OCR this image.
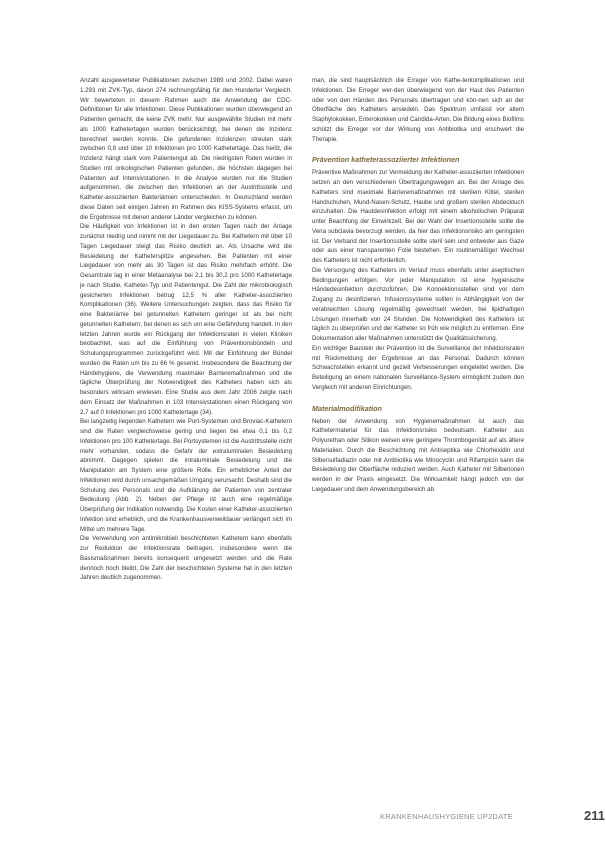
Anzahl ausgewerteter Publikationen zwischen 1989 und 2002. Dabei waren 1.293 mit ZVK-Typ, davon 274 rechnungsfähig für den Hunderter Vergleich. Wir bewerteten in diesem Rahmen auch die Anwendung der CDC-Definitionen für alle Infektionen. Diese Publikationen wurden überwiegend an Patienten gemacht, die keine ZVK mehr. Nur ausgewählte Studien mit mehr als 1000 Kathetertagen wurden berücksichtigt, bei denen die Inzidenz berechnet werden konnte. Die gefundenen Inzidenzen streuten stark zwischen 0,8 und über 10 Infektionen pro 1000 Kathetertage. Das heißt, die Inzidenz hängt stark vom Patientengut ab. Die niedrigsten Raten wurden in Studien mit onkologischen Patienten gefunden, die höchsten dagegen bei Patienten auf Intensivstationen. In die Analyse wurden nur die Studien aufgenommen, die zwischen den Infektionen an der Austrittsstelle und Katheter-assoziierten Bakteriämien unterschieden. In Deutschland werden diese Daten seit einigen Jahren im Rahmen des KISS-Systems erfasst, um die Ergebnisse mit denen anderer Länder vergleichen zu können.

Die Häufigkeit von Infektionen ist in den ersten Tagen nach der Anlage zunächst niedrig und nimmt mit der Liegedauer zu. Bei Kathetern mit über 10 Tagen Liegedauer steigt das Risiko deutlich an. Als Ursache wird die Besiedelung der Katheterspitze angesehen. Bei Patienten mit einer Liegedauer von mehr als 30 Tagen ist das Risiko mehrfach erhöht. Die Gesamtrate lag in einer Metaanalyse bei 2,1 bis 30,2 pro 1000 Kathetertage je nach Studie, Katheter-Typ und Patientengut. Die Zahl der mikrobiologisch gesicherten Infektionen betrug 12,5 % aller Katheter-assoziierten Komplikationen (36). Weitere Untersuchungen zeigten, dass das Risiko für eine Bakteriämie bei getunnelten Kathetern geringer ist als bei nicht getunnelten Kathetern, bei denen es sich um eine Gefährdung handelt. In den letzten Jahren wurde ein Rückgang der Infektionsraten in vielen Kliniken beobachtet, was auf die Einführung von Präventionsbündeln und Schulungsprogrammen zurückgeführt wird. Mit der Einführung der Bündel wurden die Raten um bis zu 66 % gesenkt. Insbesondere die Beachtung der Händehygiene, die Verwendung maximaler Barrieremaßnahmen und die tägliche Überprüfung der Notwendigkeit des Katheters haben sich als besonders wirksam erwiesen. Eine Studie aus dem Jahr 2006 zeigte nach dem Einsatz der Maßnahmen in 103 Intensivstationen einen Rückgang von 2,7 auf 0 Infektionen pro 1000 Kathetertage (34).

Bei langzeitig liegenden Kathetern wie Port-Systemen und Broviac-Kathetern sind die Raten vergleichsweise gering und liegen bei etwa 0,1 bis 0,2 Infektionen pro 100 Kathetertage. Bei Portsystemen ist die Austrittsstelle nicht mehr vorhanden, sodass die Gefahr der extraluminalen Besiedelung abnimmt. Dagegen spielen die intraluminale Besiedelung und die Manipulation am System eine größere Rolle. Ein erheblicher Anteil der Infektionen wird durch unsachgemäßen Umgang verursacht. Deshalb sind die Schulung des Personals und die Aufklärung der Patienten von zentraler Bedeutung (Abb. 2). Neben der Pflege ist auch eine regelmäßige Überprüfung der Indikation notwendig. Die Kosten einer Katheter-assoziierten Infektion sind erheblich, und die Krankenhausverweildauer verlängert sich im Mittel um mehrere Tage.

Die Verwendung von antimikrobiell beschichteten Kathetern kann ebenfalls zur Reduktion der Infektionsrate beitragen, insbesondere wenn die Basismaßnahmen bereits konsequent umgesetzt werden und die Rate dennoch hoch bleibt. Die Zahl der beschichteten Systeme hat in den letzten Jahren deutlich zugenommen.

man, die sind hauptsächlich die Erreger von Kathe-terkomplikationen und Infektionen. Die Erreger wer-den überwiegend von der Haut des Patienten oder von den Händen des Personals übertragen und kön-nen sich an der Oberfläche des Katheters ansiedeln. Das Spektrum umfasst vor allem Staphylokokken, Enterokokken und Candida-Arten. Die Bildung eines Biofilms schützt die Erreger vor der Wirkung von Antibiotika und erschwert die Therapie.

Prävention katheterassoziierter Infektionen

Präventive Maßnahmen zur Vermeidung der Katheter-assoziierten Infektionen setzen an den verschiedenen Übertragungswegen an. Bei der Anlage des Katheters sind maximale Barrieremaßnahmen mit sterilem Kittel, sterilen Handschuhen, Mund-Nasen-Schutz, Haube und großem sterilen Abdecktuch einzuhalten. Die Hautdesinfektion erfolgt mit einem alkoholischen Präparat unter Beachtung der Einwirkzeit. Bei der Wahl der Insertionsstelle sollte die Vena subclavia bevorzugt werden, da hier das Infektionsrisiko am geringsten ist. Der Verband der Insertionsstelle sollte steril sein und entweder aus Gaze oder aus einer transparenten Folie bestehen. Ein routinemäßiger Wechsel des Katheters ist nicht erforderlich.

Die Versorgung des Katheters im Verlauf muss ebenfalls unter aseptischen Bedingungen erfolgen. Vor jeder Manipulation ist eine hygienische Händedesinfektion durchzuführen. Die Konnektionsstellen sind vor dem Zugang zu desinfizieren. Infusionssysteme sollten in Abhängigkeit von der verabreichten Lösung regelmäßig gewechselt werden, bei lipidhaltigen Lösungen innerhalb von 24 Stunden. Die Notwendigkeit des Katheters ist täglich zu überprüfen und der Katheter so früh wie möglich zu entfernen. Eine Dokumentation aller Maßnahmen unterstützt die Qualitätssicherung.

Ein wichtiger Baustein der Prävention ist die Surveillance der Infektionsraten mit Rückmeldung der Ergebnisse an das Personal. Dadurch können Schwachstellen erkannt und gezielt Verbesserungen eingeleitet werden. Die Beteiligung an einem nationalen Surveillance-System ermöglicht zudem den Vergleich mit anderen Einrichtungen.

Materialmodifikation

Neben der Anwendung von Hygienemaßnahmen ist auch das Kathetermaterial für das Infektionsrisiko bedeutsam. Katheter aus Polyurethan oder Silikon weisen eine geringere Thrombogenität auf als ältere Materialien. Durch die Beschichtung mit Antiseptika wie Chlorhexidin und Silbersulfadiazin oder mit Antibiotika wie Minocyclin und Rifampicin kann die Besiedelung der Oberfläche reduziert werden. Auch Katheter mit Silberionen werden in der Praxis eingesetzt. Die Wirksamkeit hängt jedoch von der Liegedauer und dem Anwendungsbereich ab.

KRANKENHAUSHYGIENE UP2DATE	211
